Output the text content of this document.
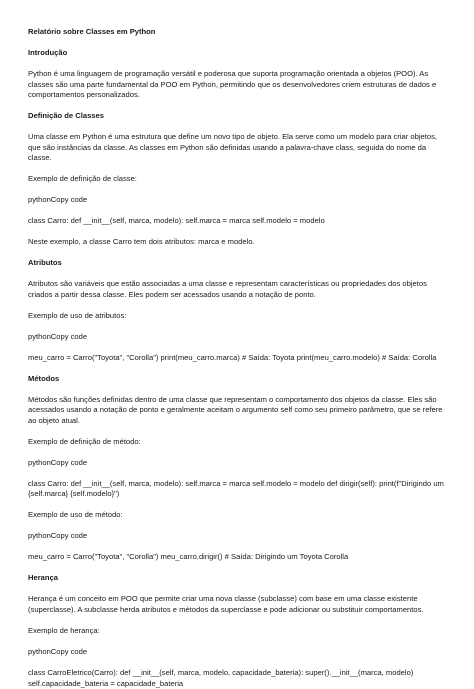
Relatório sobre Classes em Python

Introdução

Python é uma linguagem de programação versátil e poderosa que suporta programação orientada a objetos (POO). As classes são uma parte fundamental da POO em Python, permitindo que os desenvolvedores criem estruturas de dados e comportamentos personalizados.

Definição de Classes

Uma classe em Python é uma estrutura que define um novo tipo de objeto. Ela serve como um modelo para criar objetos, que são instâncias da classe. As classes em Python são definidas usando a palavra-chave class, seguida do nome da classe.

Exemplo de definição de classe:

pythonCopy code

class Carro: def __init__(self, marca, modelo): self.marca = marca self.modelo = modelo

Neste exemplo, a classe Carro tem dois atributos: marca e modelo.

Atributos

Atributos são variáveis que estão associadas a uma classe e representam características ou propriedades dos objetos criados a partir dessa classe. Eles podem ser acessados usando a notação de ponto.

Exemplo de uso de atributos:

pythonCopy code

meu_carro = Carro("Toyota", "Corolla") print(meu_carro.marca) # Saída: Toyota print(meu_carro.modelo) # Saída: Corolla

Métodos

Métodos são funções definidas dentro de uma classe que representam o comportamento dos objetos da classe. Eles são acessados usando a notação de ponto e geralmente aceitam o argumento self como seu primeiro parâmetro, que se refere ao objeto atual.

Exemplo de definição de método:

pythonCopy code

class Carro: def __init__(self, marca, modelo): self.marca = marca self.modelo = modelo def dirigir(self): print(f"Dirigindo um {self.marca} {self.modelo}")

Exemplo de uso de método:

pythonCopy code

meu_carro = Carro("Toyota", "Corolla") meu_carro.dirigir() # Saída: Dirigindo um Toyota Corolla

Herança

Herança é um conceito em POO que permite criar uma nova classe (subclasse) com base em uma classe existente (superclasse). A subclasse herda atributos e métodos da superclasse e pode adicionar ou substituir comportamentos.

Exemplo de herança:

pythonCopy code

class CarroEletrico(Carro): def __init__(self, marca, modelo, capacidade_bateria): super().__init__(marca, modelo) self.capacidade_bateria = capacidade_bateria
